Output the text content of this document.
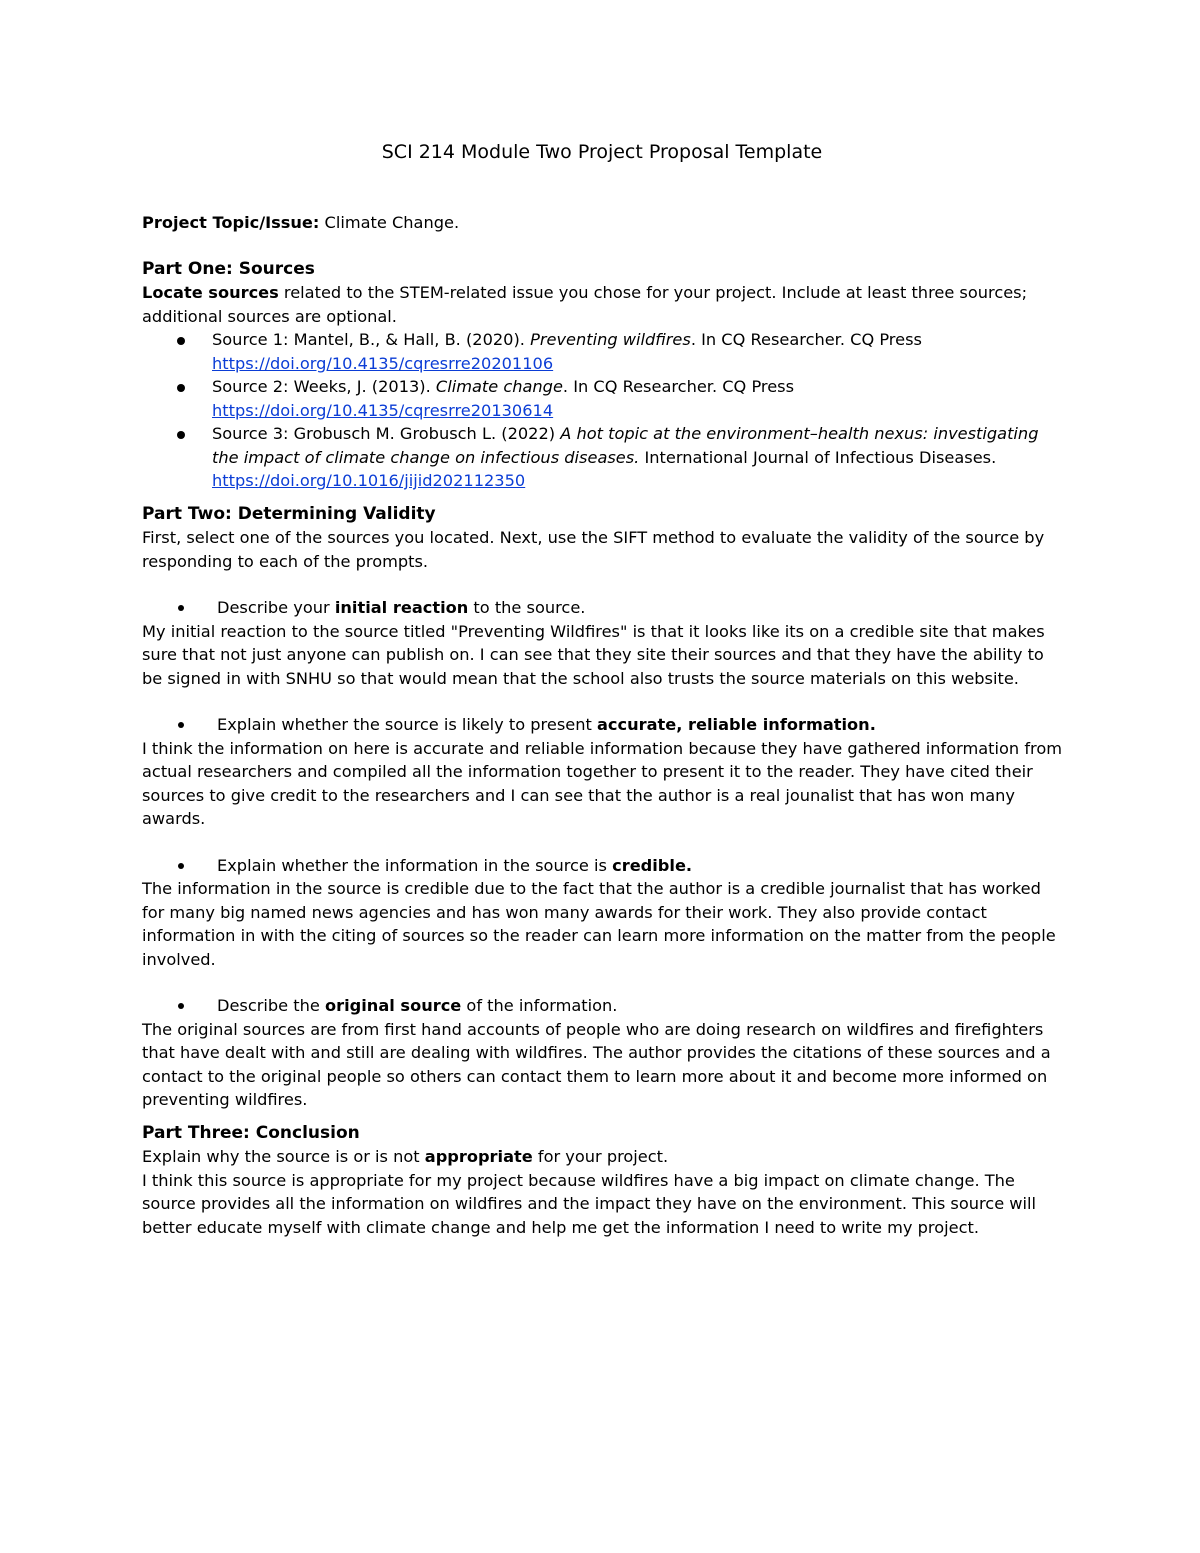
SCI 214 Module Two Project Proposal Template

Project Topic/Issue: Climate Change.

Part One: Sources

Locate sources related to the STEM-related issue you chose for your project. Include at least three sources; additional sources are optional.

Source 1: Mantel, B., & Hall, B. (2020). Preventing wildfires. In CQ Researcher. CQ Press https://doi.org/10.4135/cqresrre20201106
Source 2: Weeks, J. (2013). Climate change. In CQ Researcher. CQ Press https://doi.org/10.4135/cqresrre20130614
Source 3: Grobusch M. Grobusch L. (2022) A hot topic at the environment–health nexus: investigating the impact of climate change on infectious diseases. International Journal of Infectious Diseases. https://doi.org/10.1016/jijid202112350
Part Two: Determining Validity

First, select one of the sources you located. Next, use the SIFT method to evaluate the validity of the source by responding to each of the prompts.

Describe your initial reaction to the source.

My initial reaction to the source titled "Preventing Wildfires" is that it looks like its on a credible site that makes sure that not just anyone can publish on. I can see that they site their sources and that they have the ability to be signed in with SNHU so that would mean that the school also trusts the source materials on this website.

Explain whether the source is likely to present accurate, reliable information.

I think the information on here is accurate and reliable information because they have gathered information from actual researchers and compiled all the information together to present it to the reader. They have cited their sources to give credit to the researchers and I can see that the author is a real jounalist that has won many awards.

Explain whether the information in the source is credible.

The information in the source is credible due to the fact that the author is a credible journalist that has worked for many big named news agencies and has won many awards for their work. They also provide contact information in with the citing of sources so the reader can learn more information on the matter from the people involved.

Describe the original source of the information.

The original sources are from first hand accounts of people who are doing research on wildfires and firefighters that have dealt with and still are dealing with wildfires. The author provides the citations of these sources and a contact to the original people so others can contact them to learn more about it and become more informed on preventing wildfires.

Part Three: Conclusion

Explain why the source is or is not appropriate for your project.

I think this source is appropriate for my project because wildfires have a big impact on climate change. The source provides all the information on wildfires and the impact they have on the environment. This source will better educate myself with climate change and help me get the information I need to write my project.
